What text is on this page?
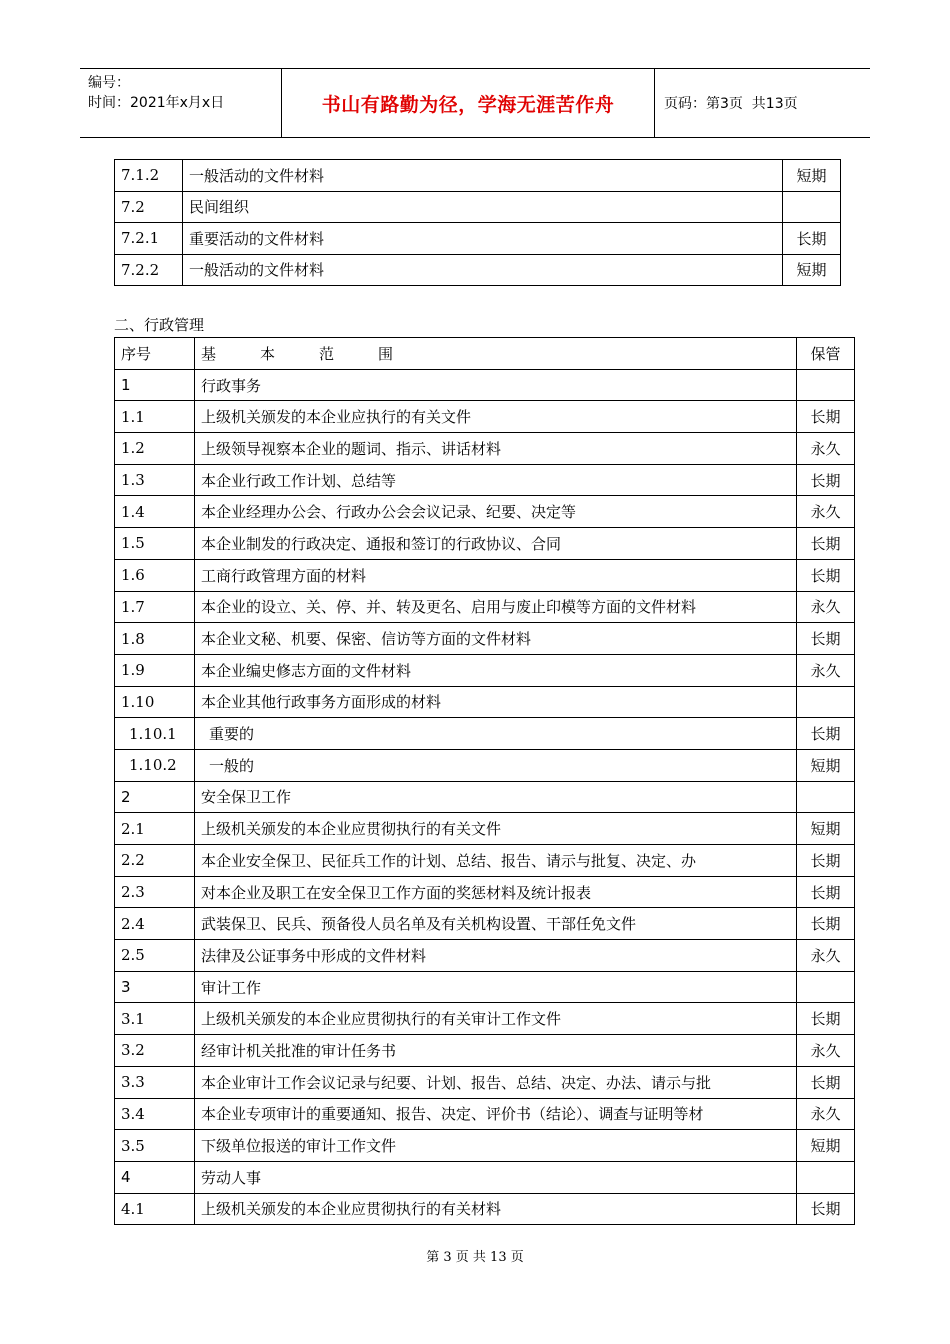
编号：
时间：2021年x月x日	书山有路勤为径，学海无涯苦作舟	页码：第3页  共13页
7.1.2	一般活动的文件材料	短期
7.2	民间组织	
7.2.1	重要活动的文件材料	长期
7.2.2	一般活动的文件材料	短期
二、行政管理
序号	基 本 范 围	保管
1	行政事务	
1.1	上级机关颁发的本企业应执行的有关文件	长期
1.2	上级领导视察本企业的题词、指示、讲话材料	永久
1.3	本企业行政工作计划、总结等	长期
1.4	本企业经理办公会、行政办公会会议记录、纪要、决定等	永久
1.5	本企业制发的行政决定、通报和签订的行政协议、合同	长期
1.6	工商行政管理方面的材料	长期
1.7	本企业的设立、关、停、并、转及更名、启用与废止印模等方面的文件材料	永久
1.8	本企业文秘、机要、保密、信访等方面的文件材料	长期
1.9	本企业编史修志方面的文件材料	永久
1.10	本企业其他行政事务方面形成的材料	
1.10.1	重要的	长期
1.10.2	一般的	短期
2	安全保卫工作	
2.1	上级机关颁发的本企业应贯彻执行的有关文件	短期
2.2	本企业安全保卫、民征兵工作的计划、总结、报告、请示与批复、决定、办	长期
2.3	对本企业及职工在安全保卫工作方面的奖惩材料及统计报表	长期
2.4	武装保卫、民兵、预备役人员名单及有关机构设置、干部任免文件	长期
2.5	法律及公证事务中形成的文件材料	永久
3	审计工作	
3.1	上级机关颁发的本企业应贯彻执行的有关审计工作文件	长期
3.2	经审计机关批准的审计任务书	永久
3.3	本企业审计工作会议记录与纪要、计划、报告、总结、决定、办法、请示与批	长期
3.4	本企业专项审计的重要通知、报告、决定、评价书（结论）、调查与证明等材	永久
3.5	下级单位报送的审计工作文件	短期
4	劳动人事	
4.1	上级机关颁发的本企业应贯彻执行的有关材料	长期
第 3 页 共 13 页
